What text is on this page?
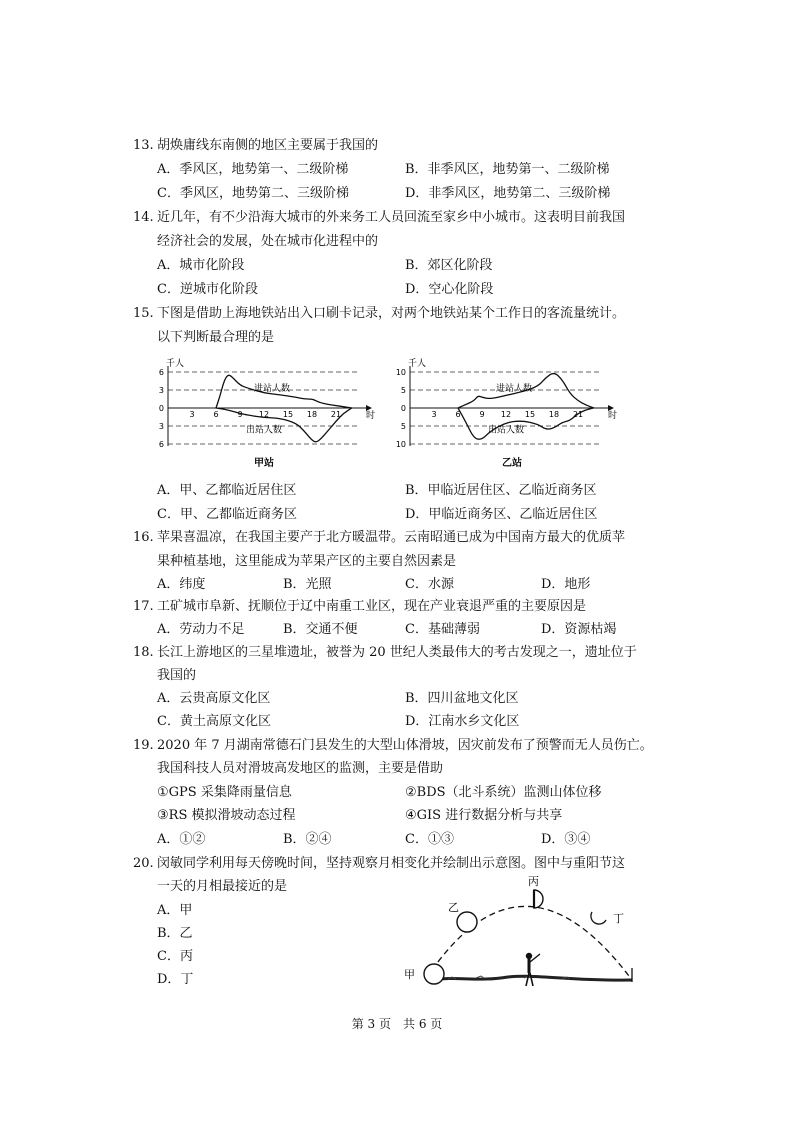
13. 胡焕庸线东南侧的地区主要属于我国的
A．季风区，地势第一、二级阶梯	B．非季风区，地势第一、二级阶梯
C．季风区，地势第二、三级阶梯	D．非季风区，地势第二、三级阶梯
14. 近几年，有不少沿海大城市的外来务工人员回流至家乡中小城市。这表明目前我国
经济社会的发展，处在城市化进程中的
A．城市化阶段	B．郊区化阶段
C．逆城市化阶段	D．空心化阶段
15. 下图是借助上海地铁站出入口刷卡记录，对两个地铁站某个工作日的客流量统计。
以下判断最合理的是
6
3
0
3
6
3 6 9 12 15 18 21	时
千人
进站人数
出站人数
甲站
10
5
0
5
10
3 6 9 12 15 18 21	时
千人
进站人数
出站人数
乙站
A．甲、乙都临近居住区	B．甲临近居住区、乙临近商务区
C．甲、乙都临近商务区	D．甲临近商务区、乙临近居住区
16. 苹果喜温凉，在我国主要产于北方暖温带。云南昭通已成为中国南方最大的优质苹
果种植基地，这里能成为苹果产区的主要自然因素是
A．纬度	B．光照	C．水源	D．地形
17. 工矿城市阜新、抚顺位于辽中南重工业区，现在产业衰退严重的主要原因是
A．劳动力不足	B．交通不便	C．基础薄弱	D．资源枯竭
18. 长江上游地区的三星堆遗址，被誉为 20 世纪人类最伟大的考古发现之一，遗址位于
我国的
A．云贵高原文化区	B．四川盆地文化区
C．黄土高原文化区	D．江南水乡文化区
19. 2020 年 7 月湖南常德石门县发生的大型山体滑坡，因灾前发布了预警而无人员伤亡。
我国科技人员对滑坡高发地区的监测，主要是借助
①GPS 采集降雨量信息	②BDS（北斗系统）监测山体位移
③RS 模拟滑坡动态过程	④GIS 进行数据分析与共享
A．①②	B．②④	C．①③	D．③④
20. 闵敏同学利用每天傍晚时间，坚持观察月相变化并绘制出示意图。图中与重阳节这
一天的月相最接近的是
A．甲
B．乙
C．丙
D．丁	甲
乙
丙
丁
第 3 页　共 6 页
